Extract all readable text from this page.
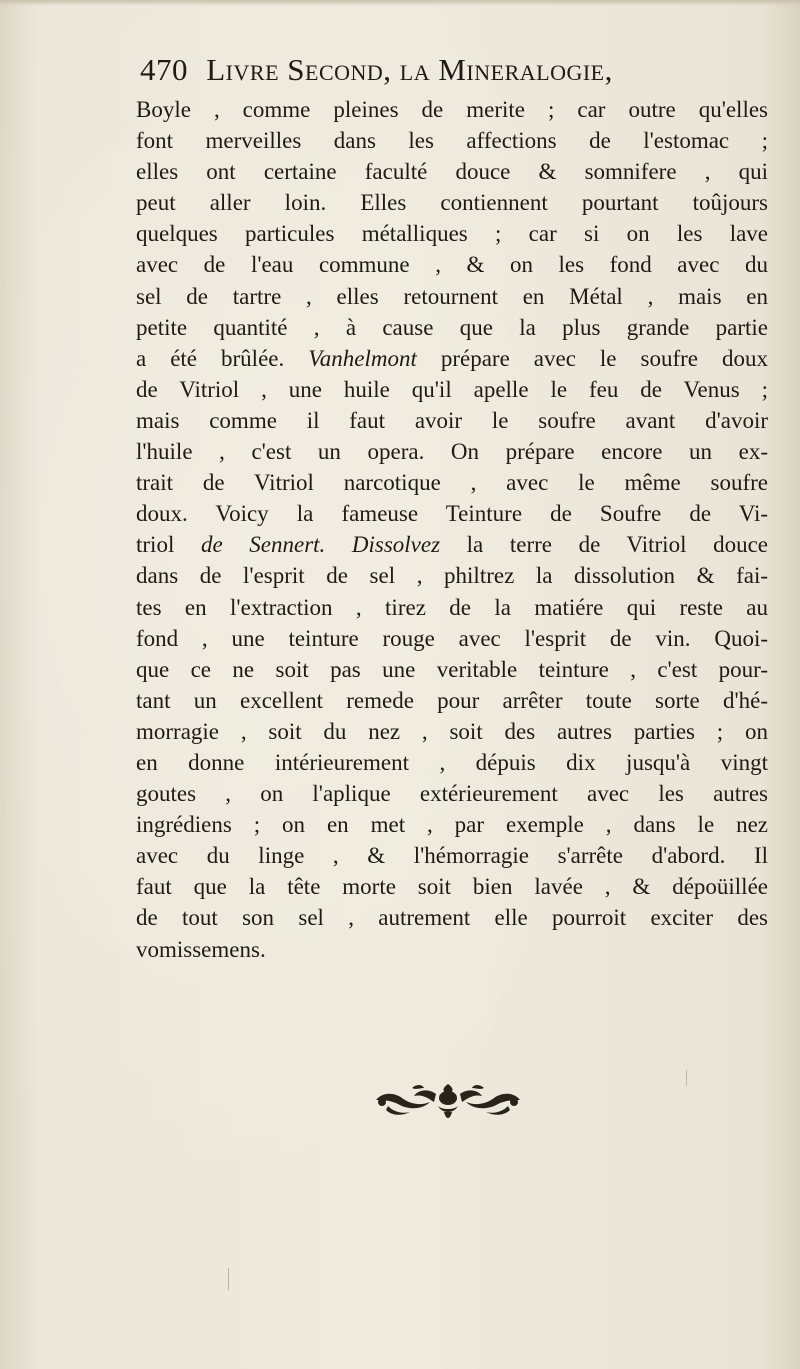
470 Livre Second, la Mineralogie,
Boyle , comme pleines de merite ; car outre qu'elles
font merveilles dans les affections de l'estomac ;
elles ont certaine faculté douce & somnifere , qui
peut aller loin. Elles contiennent pourtant toûjours
quelques particules métalliques ; car si on les lave
avec de l'eau commune , & on les fond avec du
sel de tartre , elles retournent en Métal , mais en
petite quantité , à cause que la plus grande partie
a été brûlée. Vanhelmont prépare avec le soufre doux
de Vitriol , une huile qu'il apelle le feu de Venus ;
mais comme il faut avoir le soufre avant d'avoir
l'huile , c'est un opera. On prépare encore un ex-
trait de Vitriol narcotique , avec le même soufre
doux. Voicy la fameuse Teinture de Soufre de Vi-
triol de Sennert. Dissolvez la terre de Vitriol douce
dans de l'esprit de sel , philtrez la dissolution & fai-
tes en l'extraction , tirez de la matiére qui reste au
fond , une teinture rouge avec l'esprit de vin. Quoi-
que ce ne soit pas une veritable teinture , c'est pour-
tant un excellent remede pour arrêter toute sorte d'hé-
morragie , soit du nez , soit des autres parties ; on
en donne intérieurement , dépuis dix jusqu'à vingt
goutes , on l'aplique extérieurement avec les autres
ingrédiens ; on en met , par exemple , dans le nez
avec du linge , & l'hémorragie s'arrête d'abord. Il
faut que la tête morte soit bien lavée , & dépoüillée
de tout son sel , autrement elle pourroit exciter des
vomissemens.
